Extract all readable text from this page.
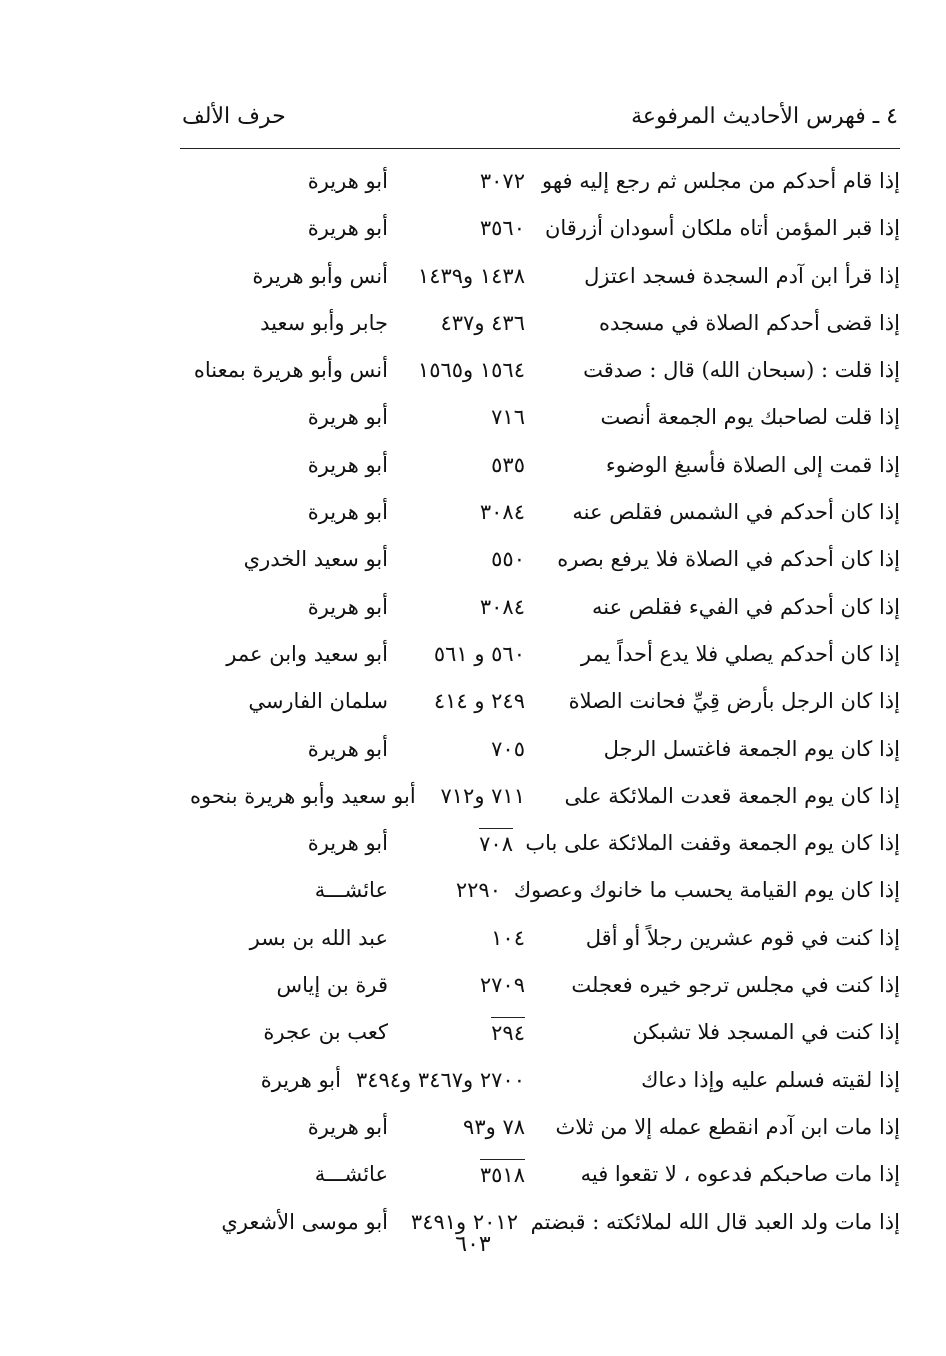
٤ ـ فهرس الأحاديث المرفوعة
حرف الألف
إذا قام أحدكم من مجلس ثم رجع إليه فهو
٣٠٧٢
أبو هريرة
إذا قبر المؤمن أتاه ملكان أسودان أزرقان
٣٥٦٠
أبو هريرة
إذا قرأ ابن آدم السجدة فسجد اعتزل
١٤٣٨ و١٤٣٩
أنس وأبو هريرة
إذا قضى أحدكم الصلاة في مسجده
٤٣٦ و٤٣٧
جابر وأبو سعيد
إذا قلت : (سبحان الله) قال : صدقت
١٥٦٤ و١٥٦٥
أنس وأبو هريرة بمعناه
إذا قلت لصاحبك يوم الجمعة أنصت
٧١٦
أبو هريرة
إذا قمت إلى الصلاة فأسبغ الوضوء
٥٣٥
أبو هريرة
إذا كان أحدكم في الشمس فقلص عنه
٣٠٨٤
أبو هريرة
إذا كان أحدكم في الصلاة فلا يرفع بصره
٥٥٠
أبو سعيد الخدري
إذا كان أحدكم في الفيء فقلص عنه
٣٠٨٤
أبو هريرة
إذا كان أحدكم يصلي فلا يدع أحداً يمر
٥٦٠ و ٥٦١
أبو سعيد وابن عمر
إذا كان الرجل بأرض قِيِّ فحانت الصلاة
٢٤٩ و ٤١٤
سلمان الفارسي
إذا كان يوم الجمعة فاغتسل الرجل
٧٠٥
أبو هريرة
إذا كان يوم الجمعة قعدت الملائكة على
٧١١ و٧١٢
أبو سعيد وأبو هريرة بنحوه
إذا كان يوم الجمعة وقفت الملائكة على باب
٧٠٨
أبو هريرة
إذا كان يوم القيامة يحسب ما خانوك وعصوك
٢٢٩٠
عائشـــة
إذا كنت في قوم عشرين رجلاً أو أقل
١٠٤
عبد الله بن بسر
إذا كنت في مجلس ترجو خيره فعجلت
٢٧٠٩
قرة بن إياس
إذا كنت في المسجد فلا تشبكن
٢٩٤
كعب بن عجرة
إذا لقيته فسلم عليه وإذا دعاك
٢٧٠٠ و٣٤٦٧ و٣٤٩٤
أبو هريرة
إذا مات ابن آدم انقطع عمله إلا من ثلاث
٧٨ و٩٣
أبو هريرة
إذا مات صاحبكم فدعوه ، لا تقعوا فيه
٣٥١٨
عائشـــة
إذا مات ولد العبد قال الله لملائكته : قبضتم
٢٠١٢ و٣٤٩١
أبو موسى الأشعري
٦٠٣
